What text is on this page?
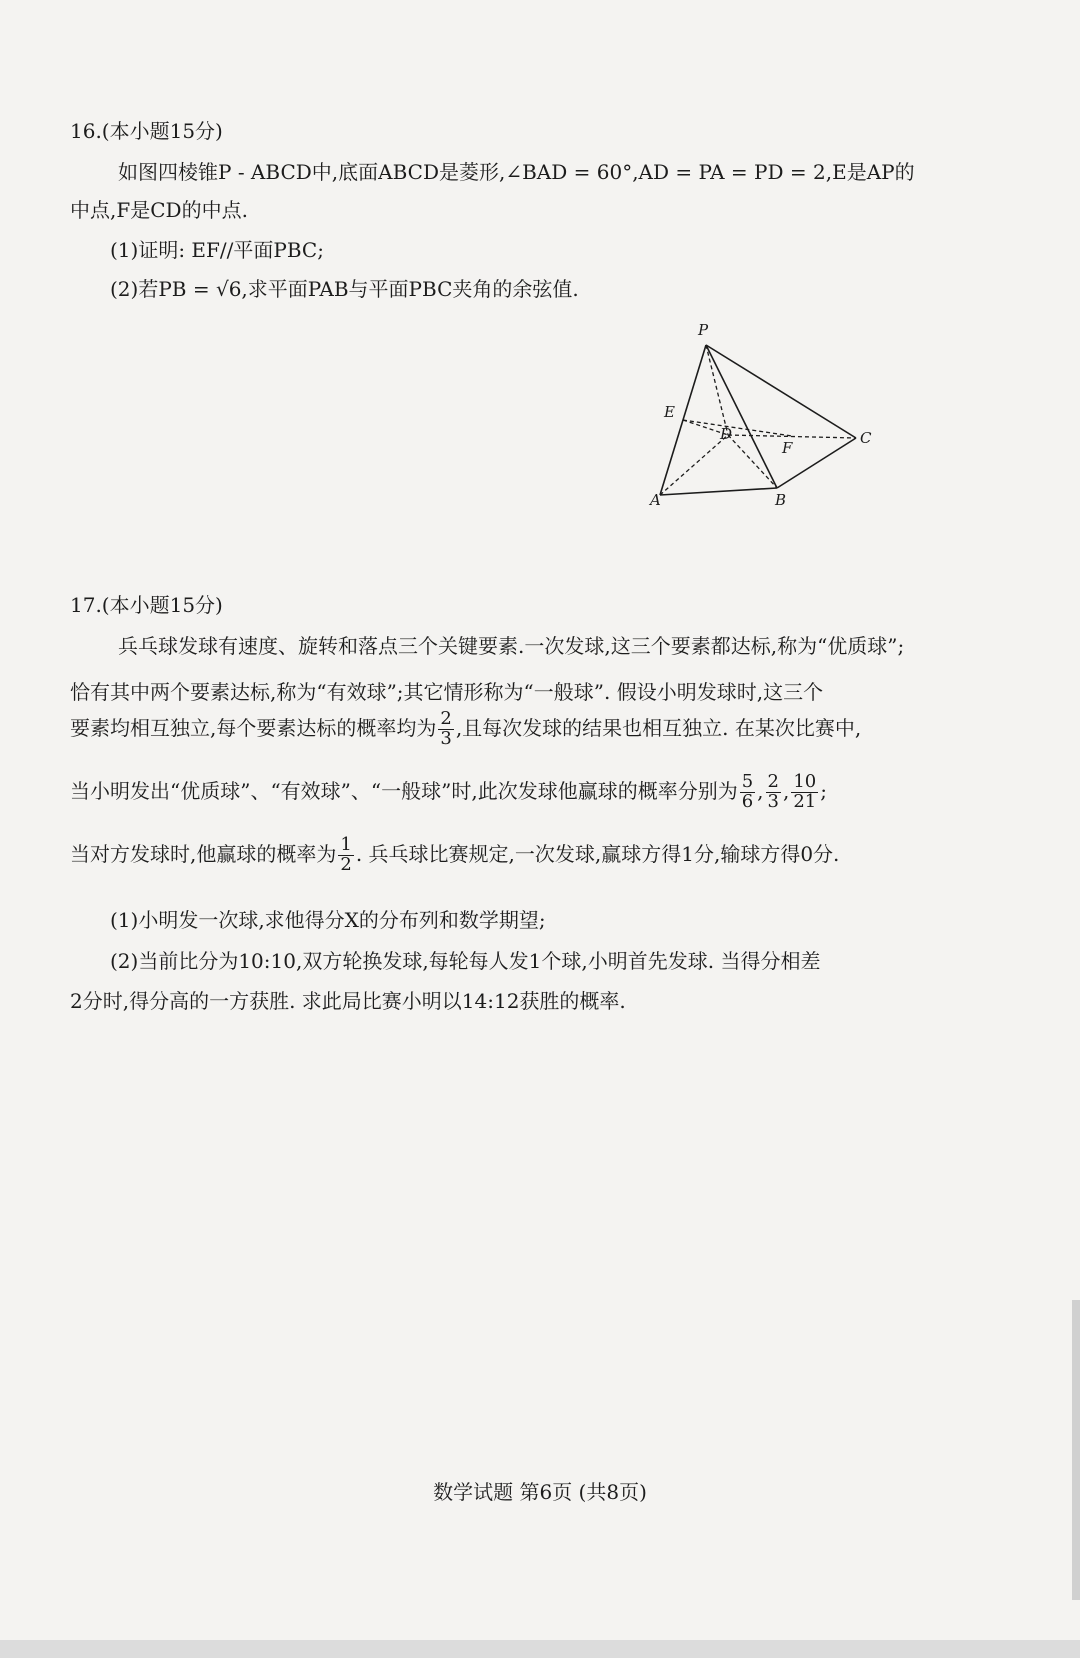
16.(本小题15分)
如图四棱锥P - ABCD中,底面ABCD是菱形,∠BAD = 60°,AD = PA = PD = 2,E是AP的
中点,F是CD的中点.
(1)证明: EF//平面PBC;
(2)若PB = √6,求平面PAB与平面PBC夹角的余弦值.
P
E
D
F
C
A	B
17.(本小题15分)
兵乓球发球有速度、旋转和落点三个关键要素.一次发球,这三个要素都达标,称为“优质球”;
恰有其中两个要素达标,称为“有效球”;其它情形称为“一般球”. 假设小明发球时,这三个
要素均相互独立,每个要素达标的概率均为 $\frac{2}{3}$ ,且每次发球的结果也相互独立. 在某次比赛中,
当小明发出“优质球”、“有效球”、“一般球”时,此次发球他赢球的概率分别为 $\frac{5}{6}$ , $\frac{2}{3}$ , $\frac{10}{21}$ ;
当对方发球时,他赢球的概率为 $\frac{1}{2}$ . 兵乓球比赛规定,一次发球,赢球方得1分,输球方得0分.
(1)小明发一次球,求他得分X的分布列和数学期望;
(2)当前比分为10:10,双方轮换发球,每轮每人发1个球,小明首先发球. 当得分相差
2分时,得分高的一方获胜. 求此局比赛小明以14:12获胜的概率.
数学试题 第6页 (共8页)
